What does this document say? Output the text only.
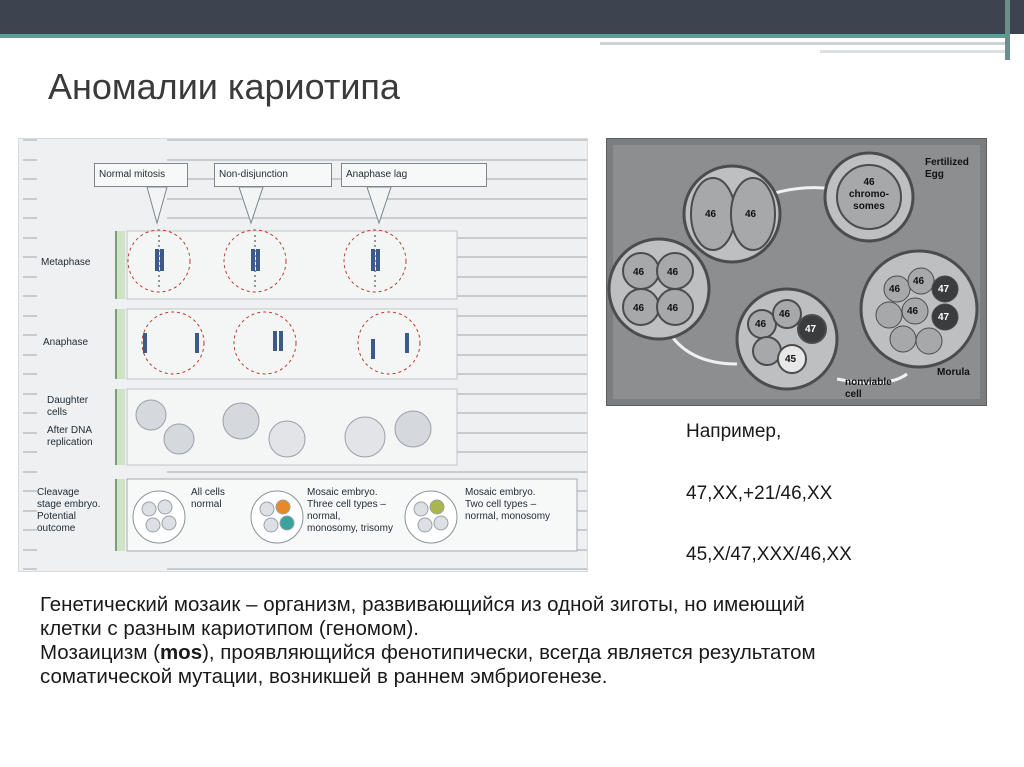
Аномалии кариотипа
Normal mitosis	Non-disjunction	Anaphase lag
Metaphase
Anaphase
Daughter
cells
After DNA
replication
Cleavage
stage embryo.
Potential
outcome
All cells
normal
Mosaic embryo.
Three cell types –
normal,
monosomy, trisomy
Mosaic embryo.
Two cell types –
normal, monosomy
Fertilized
Egg
46
chromo-
somes
nonviable
cell
Morula
46	46
46 46
46 46
46
46
47
45
46
46
47
46
47
Например,
47,XX,+21/46,XX
45,X/47,XXX/46,XX

Генетический мозаик – организм, развивающийся из одной зиготы, но имеющий

клетки с разным кариотипом (геномом).

Мозаицизм (mos), проявляющийся фенотипически, всегда является результатом

соматической мутации, возникшей в раннем эмбриогенезе.
